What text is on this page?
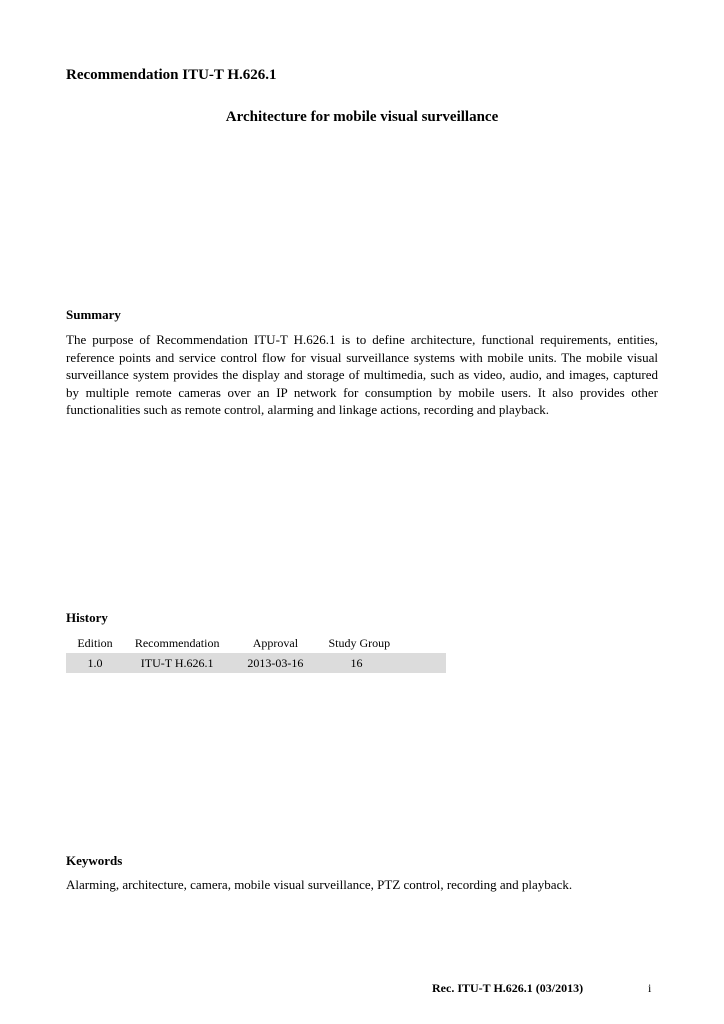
Recommendation ITU-T H.626.1
Architecture for mobile visual surveillance
Summary
The purpose of Recommendation ITU-T H.626.1 is to define architecture, functional requirements, entities, reference points and service control flow for visual surveillance systems with mobile units. The mobile visual surveillance system provides the display and storage of multimedia, such as video, audio, and images, captured by multiple remote cameras over an IP network for consumption by mobile users. It also provides other functionalities such as remote control, alarming and linkage actions, recording and playback.
History
Edition	Recommendation	Approval	Study Group
1.0	ITU-T H.626.1	2013-03-16	16
Keywords
Alarming, architecture, camera, mobile visual surveillance, PTZ control, recording and playback.
Rec. ITU-T H.626.1 (03/2013)	i
